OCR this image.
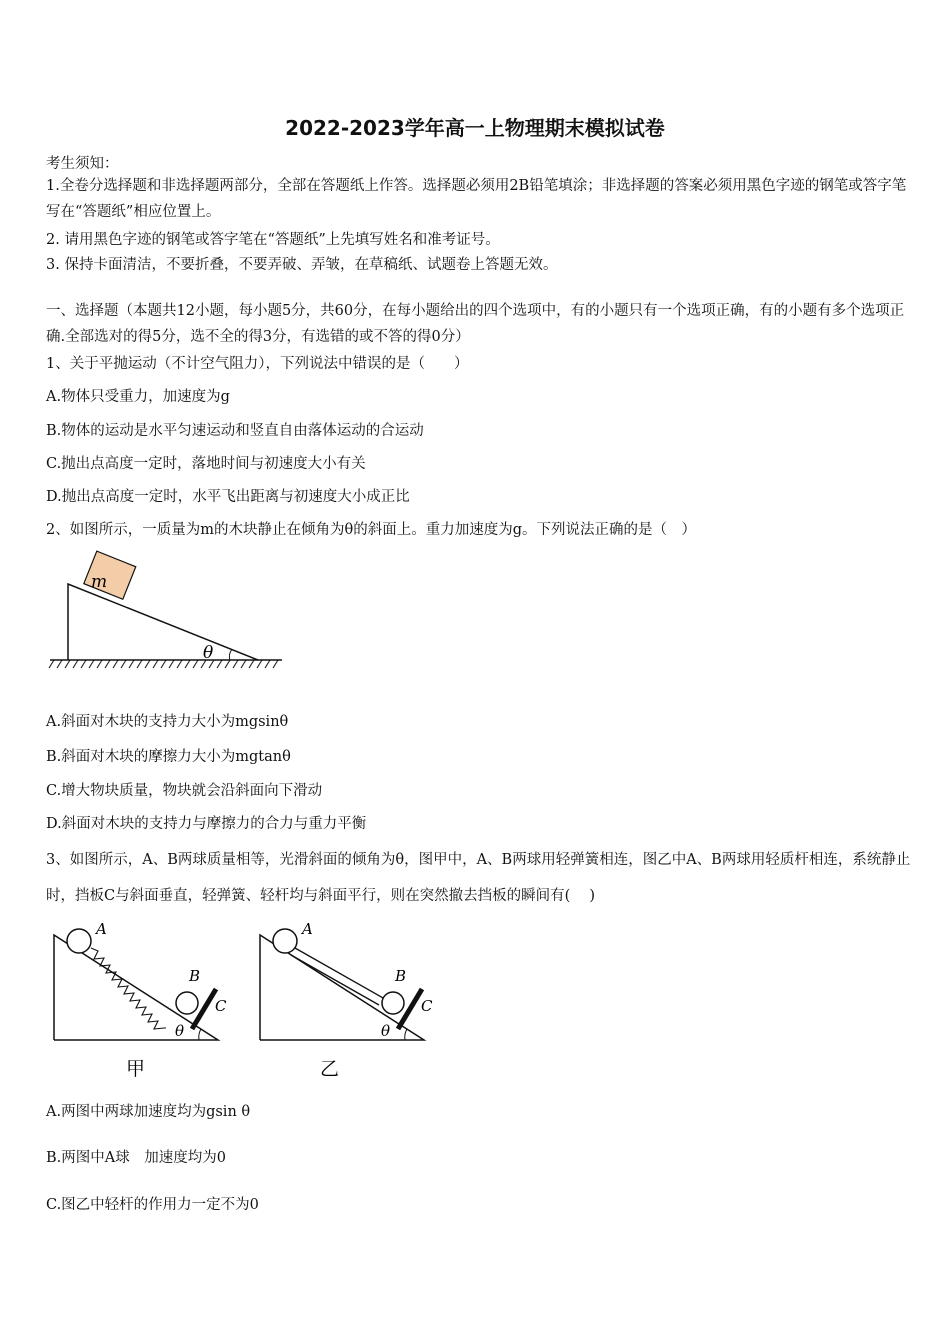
2022-2023学年高一上物理期末模拟试卷
考生须知：
1.全卷分选择题和非选择题两部分，全部在答题纸上作答。选择题必须用2B铅笔填涂；非选择题的答案必须用黑色字迹的钢笔或答字笔写在“答题纸”相应位置上。
2. 请用黑色字迹的钢笔或答字笔在“答题纸”上先填写姓名和准考证号。
3. 保持卡面清洁，不要折叠，不要弄破、弄皱，在草稿纸、试题卷上答题无效。
一、选择题（本题共12小题，每小题5分，共60分，在每小题给出的四个选项中，有的小题只有一个选项正确，有的小题有多个选项正确.全部选对的得5分，选不全的得3分，有选错的或不答的得0分）
1、关于平抛运动（不计空气阻力），下列说法中错误的是（　　）
A.物体只受重力，加速度为g
B.物体的运动是水平匀速运动和竖直自由落体运动的合运动
C.抛出点高度一定时，落地时间与初速度大小有关
D.抛出点高度一定时，水平飞出距离与初速度大小成正比
2、如图所示，一质量为m的木块静止在倾角为θ的斜面上。重力加速度为g。下列说法正确的是（　）
m
θ
A.斜面对木块的支持力大小为mgsinθ
B.斜面对木块的摩擦力大小为mgtanθ
C.增大物块质量，物块就会沿斜面向下滑动
D.斜面对木块的支持力与摩擦力的合力与重力平衡
3、如图所示，A、B两球质量相等，光滑斜面的倾角为θ，图甲中，A、B两球用轻弹簧相连，图乙中A、B两球用轻质杆相连，系统静止时，挡板C与斜面垂直，轻弹簧、轻杆均与斜面平行，则在突然撤去挡板的瞬间有(　 )
A
B
C
θ
甲
A
B
C
θ
乙
A.两图中两球加速度均为gsin θ
B.两图中A球　加速度均为0
C.图乙中轻杆的作用力一定不为0
